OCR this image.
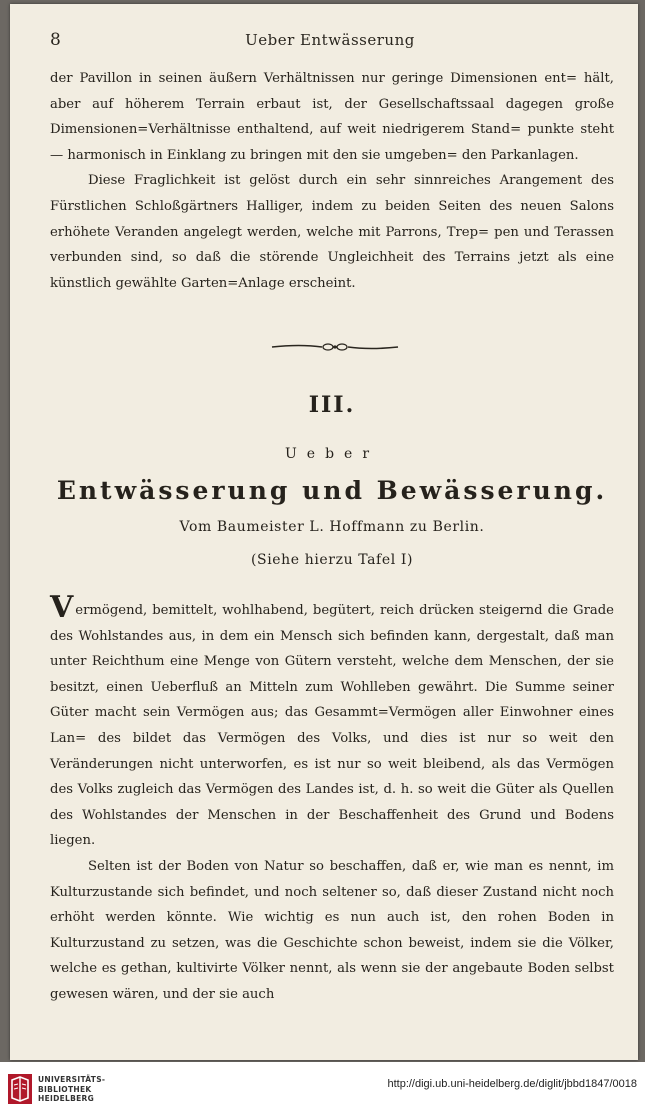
8	Ueber Entwässerung

der Pavillon in seinen äußern Verhältnissen nur geringe Dimensionen ent= hält, aber auf höherem Terrain erbaut ist, der Gesellschaftssaal dagegen große Dimensionen=Verhältnisse enthaltend, auf weit niedrigerem Stand= punkte steht — harmonisch in Einklang zu bringen mit den sie umgeben= den Parkanlagen.

Diese Fraglichkeit ist gelöst durch ein sehr sinnreiches Arangement des Fürstlichen Schloßgärtners Halliger, indem zu beiden Seiten des neuen Salons erhöhete Veranden angelegt werden, welche mit Parrons, Trep= pen und Terassen verbunden sind, so daß die störende Ungleichheit des Terrains jetzt als eine künstlich gewählte Garten=Anlage erscheint.

III.
Ueber
Entwässerung und Bewässerung.
Vom Baumeister L. Hoffmann zu Berlin.
(Siehe hierzu Tafel I)

Vermögend, bemittelt, wohlhabend, begütert, reich drücken steigernd die Grade des Wohlstandes aus, in dem ein Mensch sich befinden kann, dergestalt, daß man unter Reichthum eine Menge von Gütern versteht, welche dem Menschen, der sie besitzt, einen Ueberfluß an Mitteln zum Wohlleben gewährt. Die Summe seiner Güter macht sein Vermögen aus; das Gesammt=Vermögen aller Einwohner eines Lan= des bildet das Vermögen des Volks, und dies ist nur so weit den Veränderungen nicht unterworfen, es ist nur so weit bleibend, als das Vermögen des Volks zugleich das Vermögen des Landes ist, d. h. so weit die Güter als Quellen des Wohlstandes der Menschen in der Beschaffenheit des Grund und Bodens liegen.

Selten ist der Boden von Natur so beschaffen, daß er, wie man es nennt, im Kulturzustande sich befindet, und noch seltener so, daß dieser Zustand nicht noch erhöht werden könnte. Wie wichtig es nun auch ist, den rohen Boden in Kulturzustand zu setzen, was die Geschichte schon beweist, indem sie die Völker, welche es gethan, kultivirte Völker nennt, als wenn sie der angebaute Boden selbst gewesen wären, und der sie auch

UNIVERSITÄTS-
BIBLIOTHEK
HEIDELBERG
http://digi.ub.uni-heidelberg.de/diglit/jbbd1847/0018
